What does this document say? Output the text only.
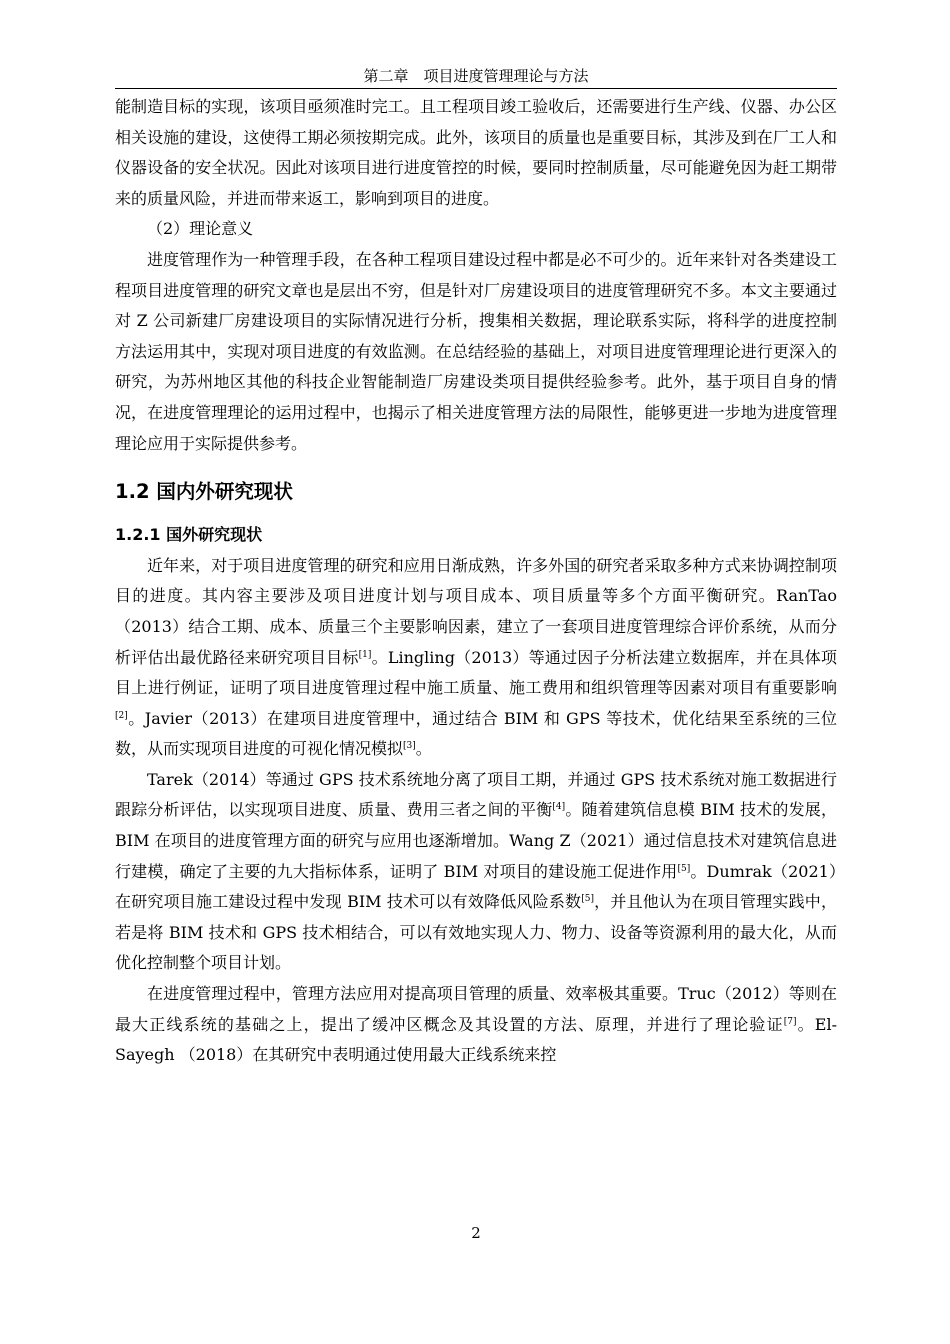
第二章　项目进度管理理论与方法

能制造目标的实现，该项目亟须准时完工。且工程项目竣工验收后，还需要进行生产线、仪器、办公区相关设施的建设，这使得工期必须按期完成。此外，该项目的质量也是重要目标，其涉及到在厂工人和仪器设备的安全状况。因此对该项目进行进度管控的时候，要同时控制质量，尽可能避免因为赶工期带来的质量风险，并进而带来返工，影响到项目的进度。

（2）理论意义

进度管理作为一种管理手段，在各种工程项目建设过程中都是必不可少的。近年来针对各类建设工程项目进度管理的研究文章也是层出不穷，但是针对厂房建设项目的进度管理研究不多。本文主要通过对 Z 公司新建厂房建设项目的实际情况进行分析，搜集相关数据，理论联系实际，将科学的进度控制方法运用其中，实现对项目进度的有效监测。在总结经验的基础上，对项目进度管理理论进行更深入的研究，为苏州地区其他的科技企业智能制造厂房建设类项目提供经验参考。此外，基于项目自身的情况，在进度管理理论的运用过程中，也揭示了相关进度管理方法的局限性，能够更进一步地为进度管理理论应用于实际提供参考。

1.2 国内外研究现状
1.2.1 国外研究现状

近年来，对于项目进度管理的研究和应用日渐成熟，许多外国的研究者采取多种方式来协调控制项目的进度。其内容主要涉及项目进度计划与项目成本、项目质量等多个方面平衡研究。RanTao（2013）结合工期、成本、质量三个主要影响因素，建立了一套项目进度管理综合评价系统，从而分析评估出最优路径来研究项目目标[1]。Lingling（2013）等通过因子分析法建立数据库，并在具体项目上进行例证，证明了项目进度管理过程中施工质量、施工费用和组织管理等因素对项目有重要影响[2]。Javier（2013）在建项目进度管理中，通过结合 BIM 和 GPS 等技术，优化结果至系统的三位数，从而实现项目进度的可视化情况模拟[3]。

Tarek（2014）等通过 GPS 技术系统地分离了项目工期，并通过 GPS 技术系统对施工数据进行跟踪分析评估，以实现项目进度、质量、费用三者之间的平衡[4]。随着建筑信息模 BIM 技术的发展，BIM 在项目的进度管理方面的研究与应用也逐渐增加。Wang Z（2021）通过信息技术对建筑信息进行建模，确定了主要的九大指标体系，证明了 BIM 对项目的建设施工促进作用[5]。Dumrak（2021）在研究项目施工建设过程中发现 BIM 技术可以有效降低风险系数[5]，并且他认为在项目管理实践中，若是将 BIM 技术和 GPS 技术相结合，可以有效地实现人力、物力、设备等资源利用的最大化，从而优化控制整个项目计划。

在进度管理过程中，管理方法应用对提高项目管理的质量、效率极其重要。Truc（2012）等则在最大正线系统的基础之上，提出了缓冲区概念及其设置的方法、原理，并进行了理论验证[7]。El-Sayegh （2018）在其研究中表明通过使用最大正线系统来控

2
